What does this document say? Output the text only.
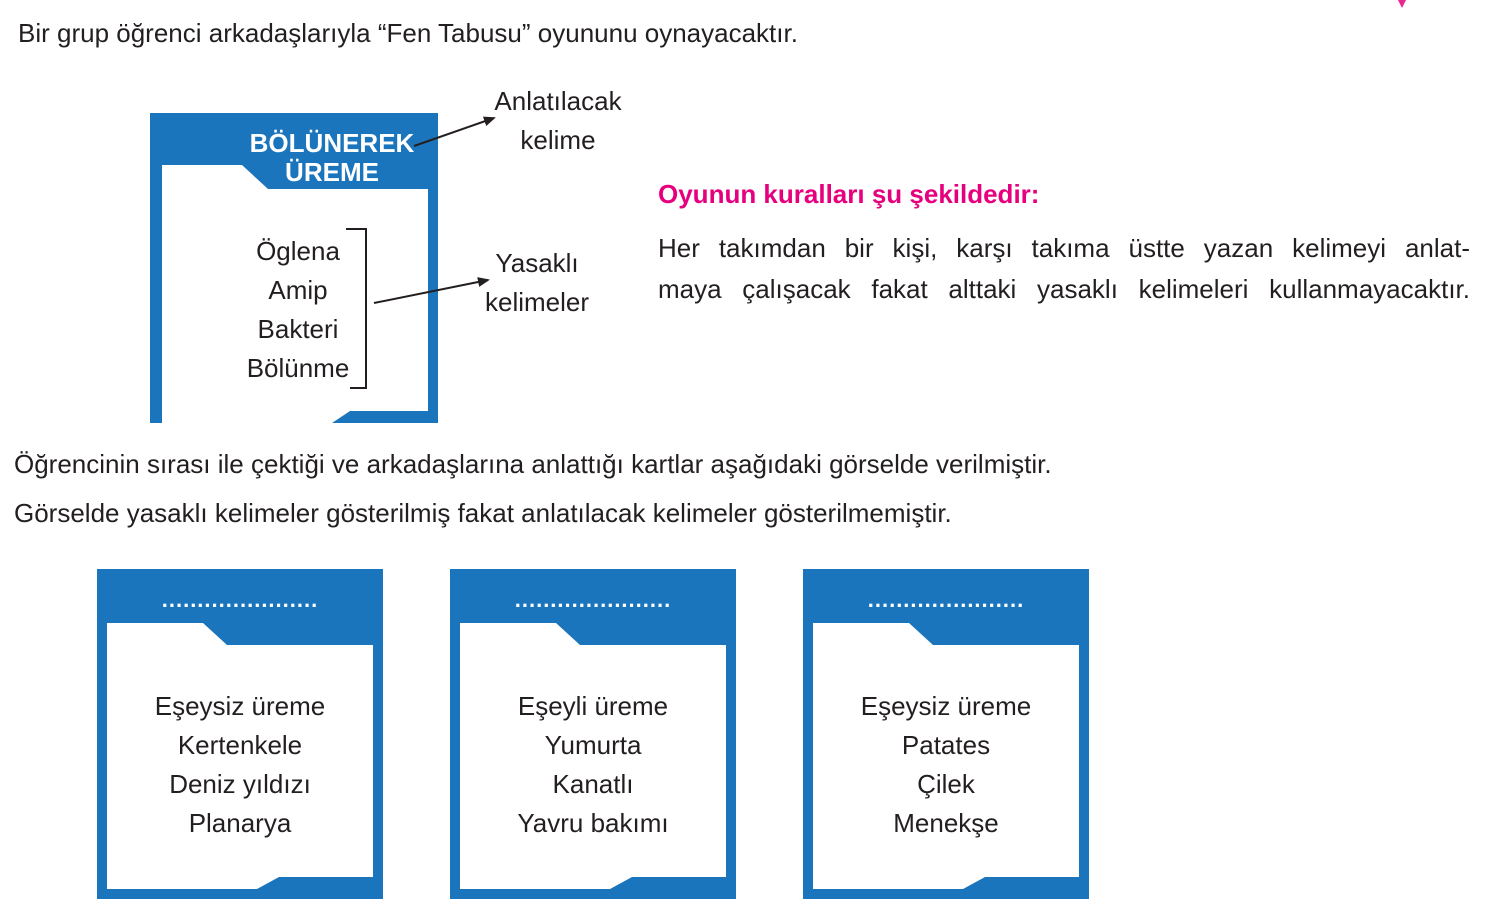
Bir grup öğrenci arkadaşlarıyla “Fen Tabusu” oyununu oynayacaktır.
BÖLÜNEREK
ÜREME
Öglena
Amip
Bakteri
Bölünme
Anlatılacak
kelime
Yasaklı
kelimeler
Oyunun kuralları şu şekildedir:
Her takımdan bir kişi, karşı takıma üstte yazan kelimeyi anlat-
maya çalışacak fakat alttaki yasaklı kelimeleri kullanmayacaktır.
Öğrencinin sırası ile çektiği ve arkadaşlarına anlattığı kartlar aşağıdaki görselde verilmiştir.
Görselde yasaklı kelimeler gösterilmiş fakat anlatılacak kelimeler gösterilmemiştir.
......................
Eşeysiz üreme
Kertenkele
Deniz yıldızı
Planarya
......................
Eşeyli üreme
Yumurta
Kanatlı
Yavru bakımı
......................
Eşeysiz üreme
Patates
Çilek
Menekşe
